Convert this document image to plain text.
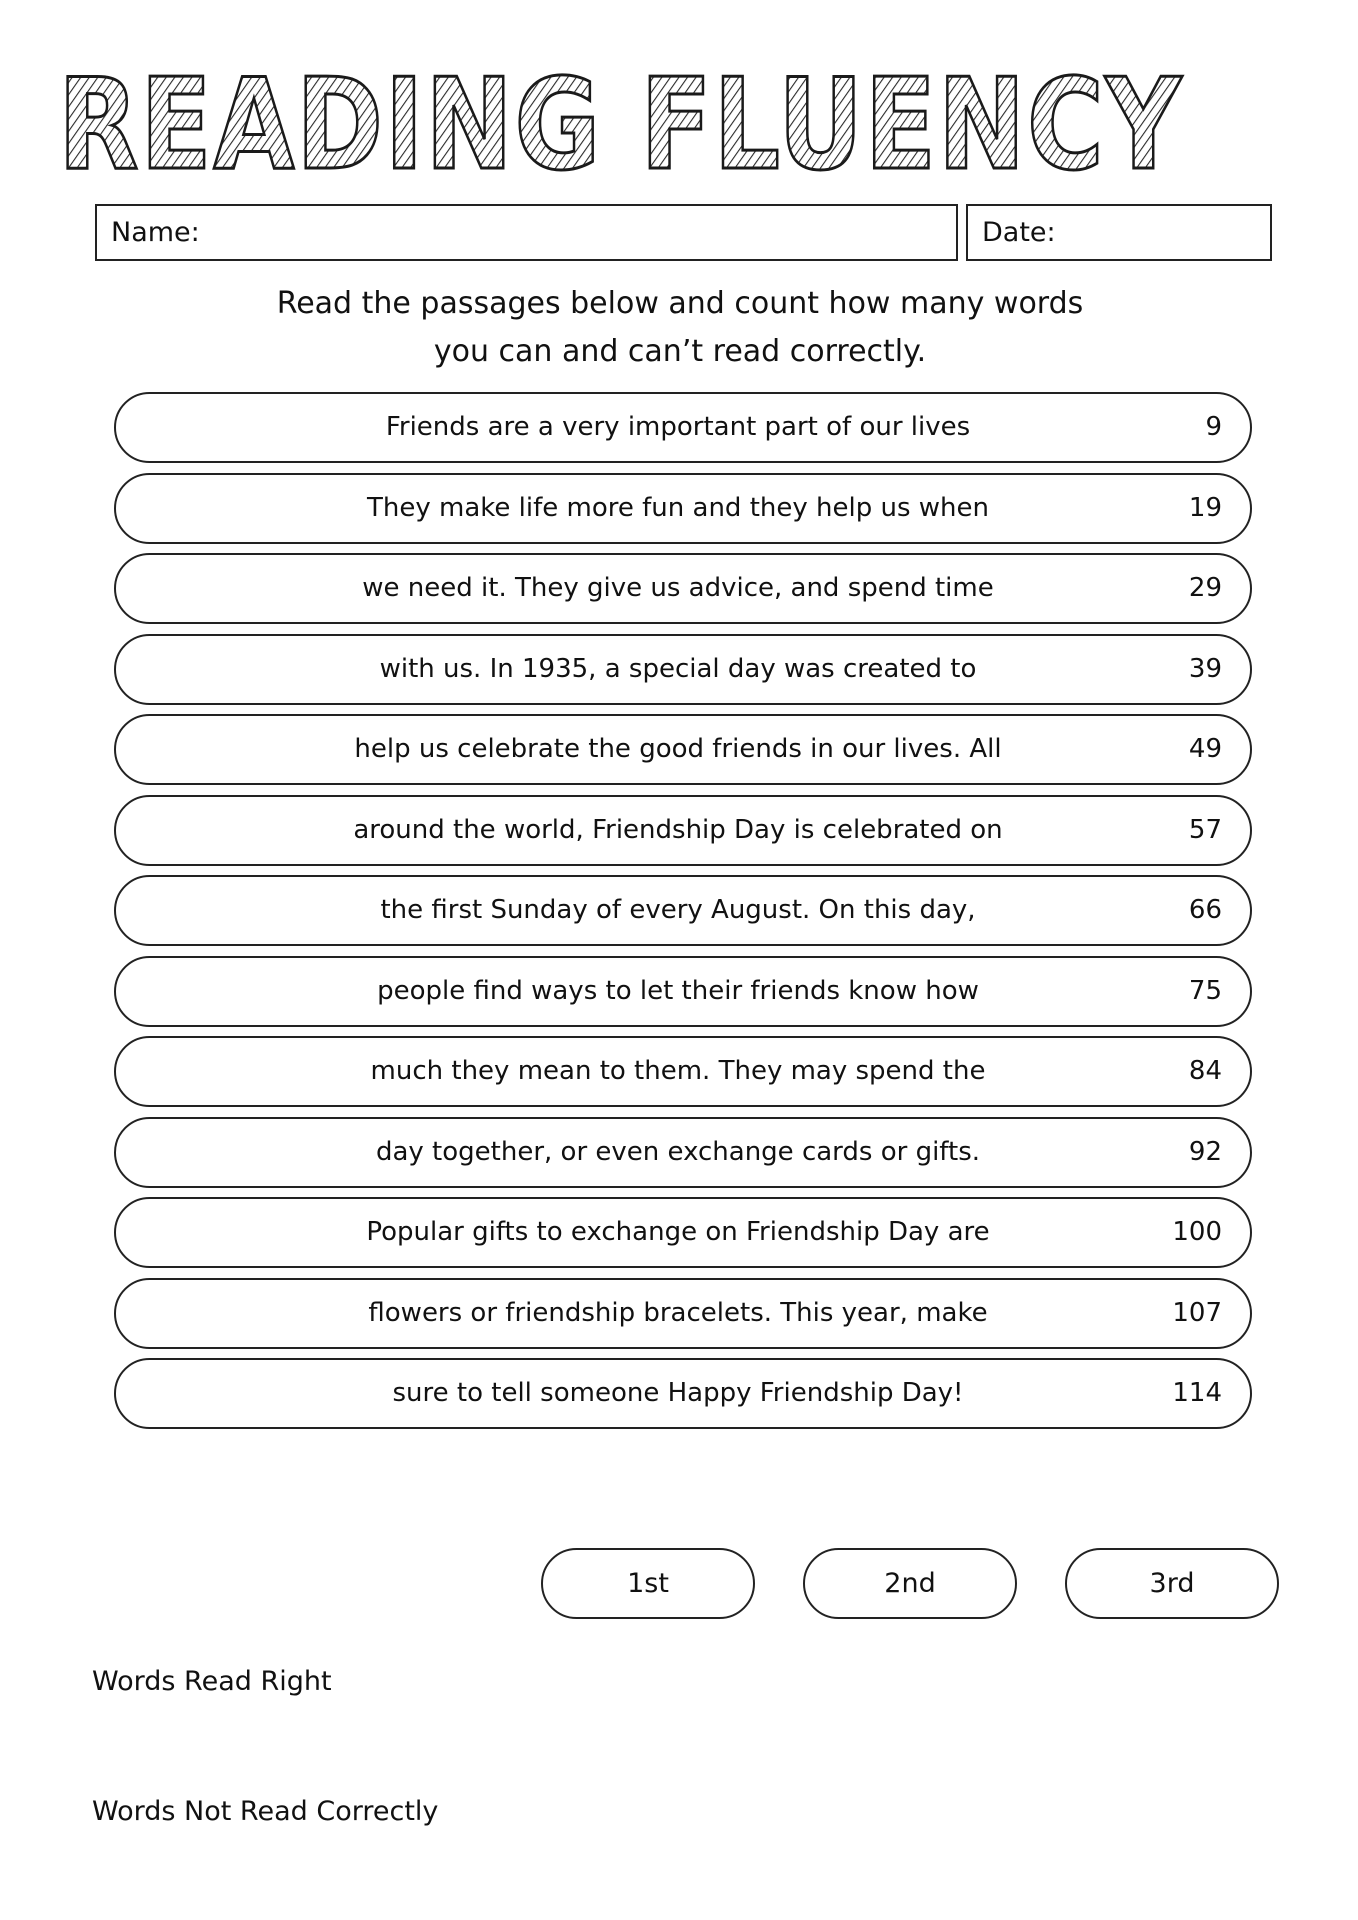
READING FLUENCY
Name:	Date:
Read the passages below and count how many words
you can and can’t read correctly.
Friends are a very important part of our lives	9
They make life more fun and they help us when	19
we need it. They give us advice, and spend time	29
with us. In 1935, a special day was created to	39
help us celebrate the good friends in our lives. All	49
around the world, Friendship Day is celebrated on	57
the first Sunday of every August. On this day,	66
people find ways to let their friends know how	75
much they mean to them. They may spend the	84
day together, or even exchange cards or gifts.	92
Popular gifts to exchange on Friendship Day are	100
flowers or friendship bracelets. This year, make	107
sure to tell someone Happy Friendship Day!	114
1st	2nd	3rd
Words Read Right
Words Not Read Correctly
